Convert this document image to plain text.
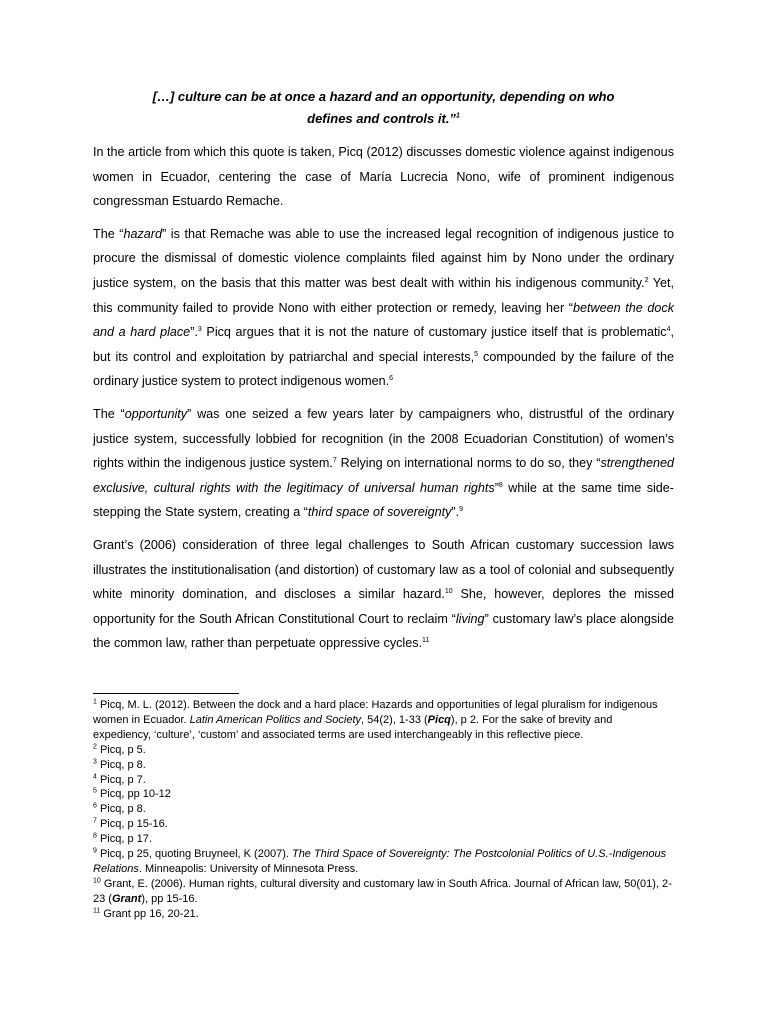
[…] culture can be at once a hazard and an opportunity, depending on who
defines and controls it.”$^1$

In the article from which this quote is taken, Picq (2012) discusses domestic violence against indigenous women in Ecuador, centering the case of María Lucrecia Nono, wife of prominent indigenous congressman Estuardo Remache.

The “hazard” is that Remache was able to use the increased legal recognition of indigenous justice to procure the dismissal of domestic violence complaints filed against him by Nono under the ordinary justice system, on the basis that this matter was best dealt with within his indigenous community.$^2$ Yet, this community failed to provide Nono with either protection or remedy, leaving her “between the dock and a hard place”.$^3$ Picq argues that it is not the nature of customary justice itself that is problematic$^4$, but its control and exploitation by patriarchal and special interests,$^5$ compounded by the failure of the ordinary justice system to protect indigenous women.$^6$

The “opportunity” was one seized a few years later by campaigners who, distrustful of the ordinary justice system, successfully lobbied for recognition (in the 2008 Ecuadorian Constitution) of women’s rights within the indigenous justice system.$^7$ Relying on international norms to do so, they “strengthened exclusive, cultural rights with the legitimacy of universal human rights”$^8$ while at the same time side-stepping the State system, creating a “third space of sovereignty”.$^9$

Grant’s (2006) consideration of three legal challenges to South African customary succession laws illustrates the institutionalisation (and distortion) of customary law as a tool of colonial and subsequently white minority domination, and discloses a similar hazard.$^{10}$ She, however, deplores the missed opportunity for the South African Constitutional Court to reclaim “living” customary law’s place alongside the common law, rather than perpetuate oppressive cycles.$^{11}$

$^1$ Picq, M. L. (2012). Between the dock and a hard place: Hazards and opportunities of legal pluralism for indigenous women in Ecuador. Latin American Politics and Society, 54(2), 1-33 (Picq), p 2. For the sake of brevity and expediency, ‘culture’, ‘custom’ and associated terms are used interchangeably in this reflective piece.

$^2$ Picq, p 5.

$^3$ Picq, p 8.

$^4$ Picq, p 7.

$^5$ Picq, pp 10-12

$^6$ Picq, p 8.

$^7$ Picq, p 15-16.

$^8$ Picq, p 17.

$^9$ Picq, p 25, quoting Bruyneel, K (2007). The Third Space of Sovereignty: The Postcolonial Politics of U.S.-Indigenous Relations. Minneapolis: University of Minnesota Press.

$^{10}$ Grant, E. (2006). Human rights, cultural diversity and customary law in South Africa. Journal of African law, 50(01), 2-23 (Grant), pp 15-16.

$^{11}$ Grant pp 16, 20-21.
